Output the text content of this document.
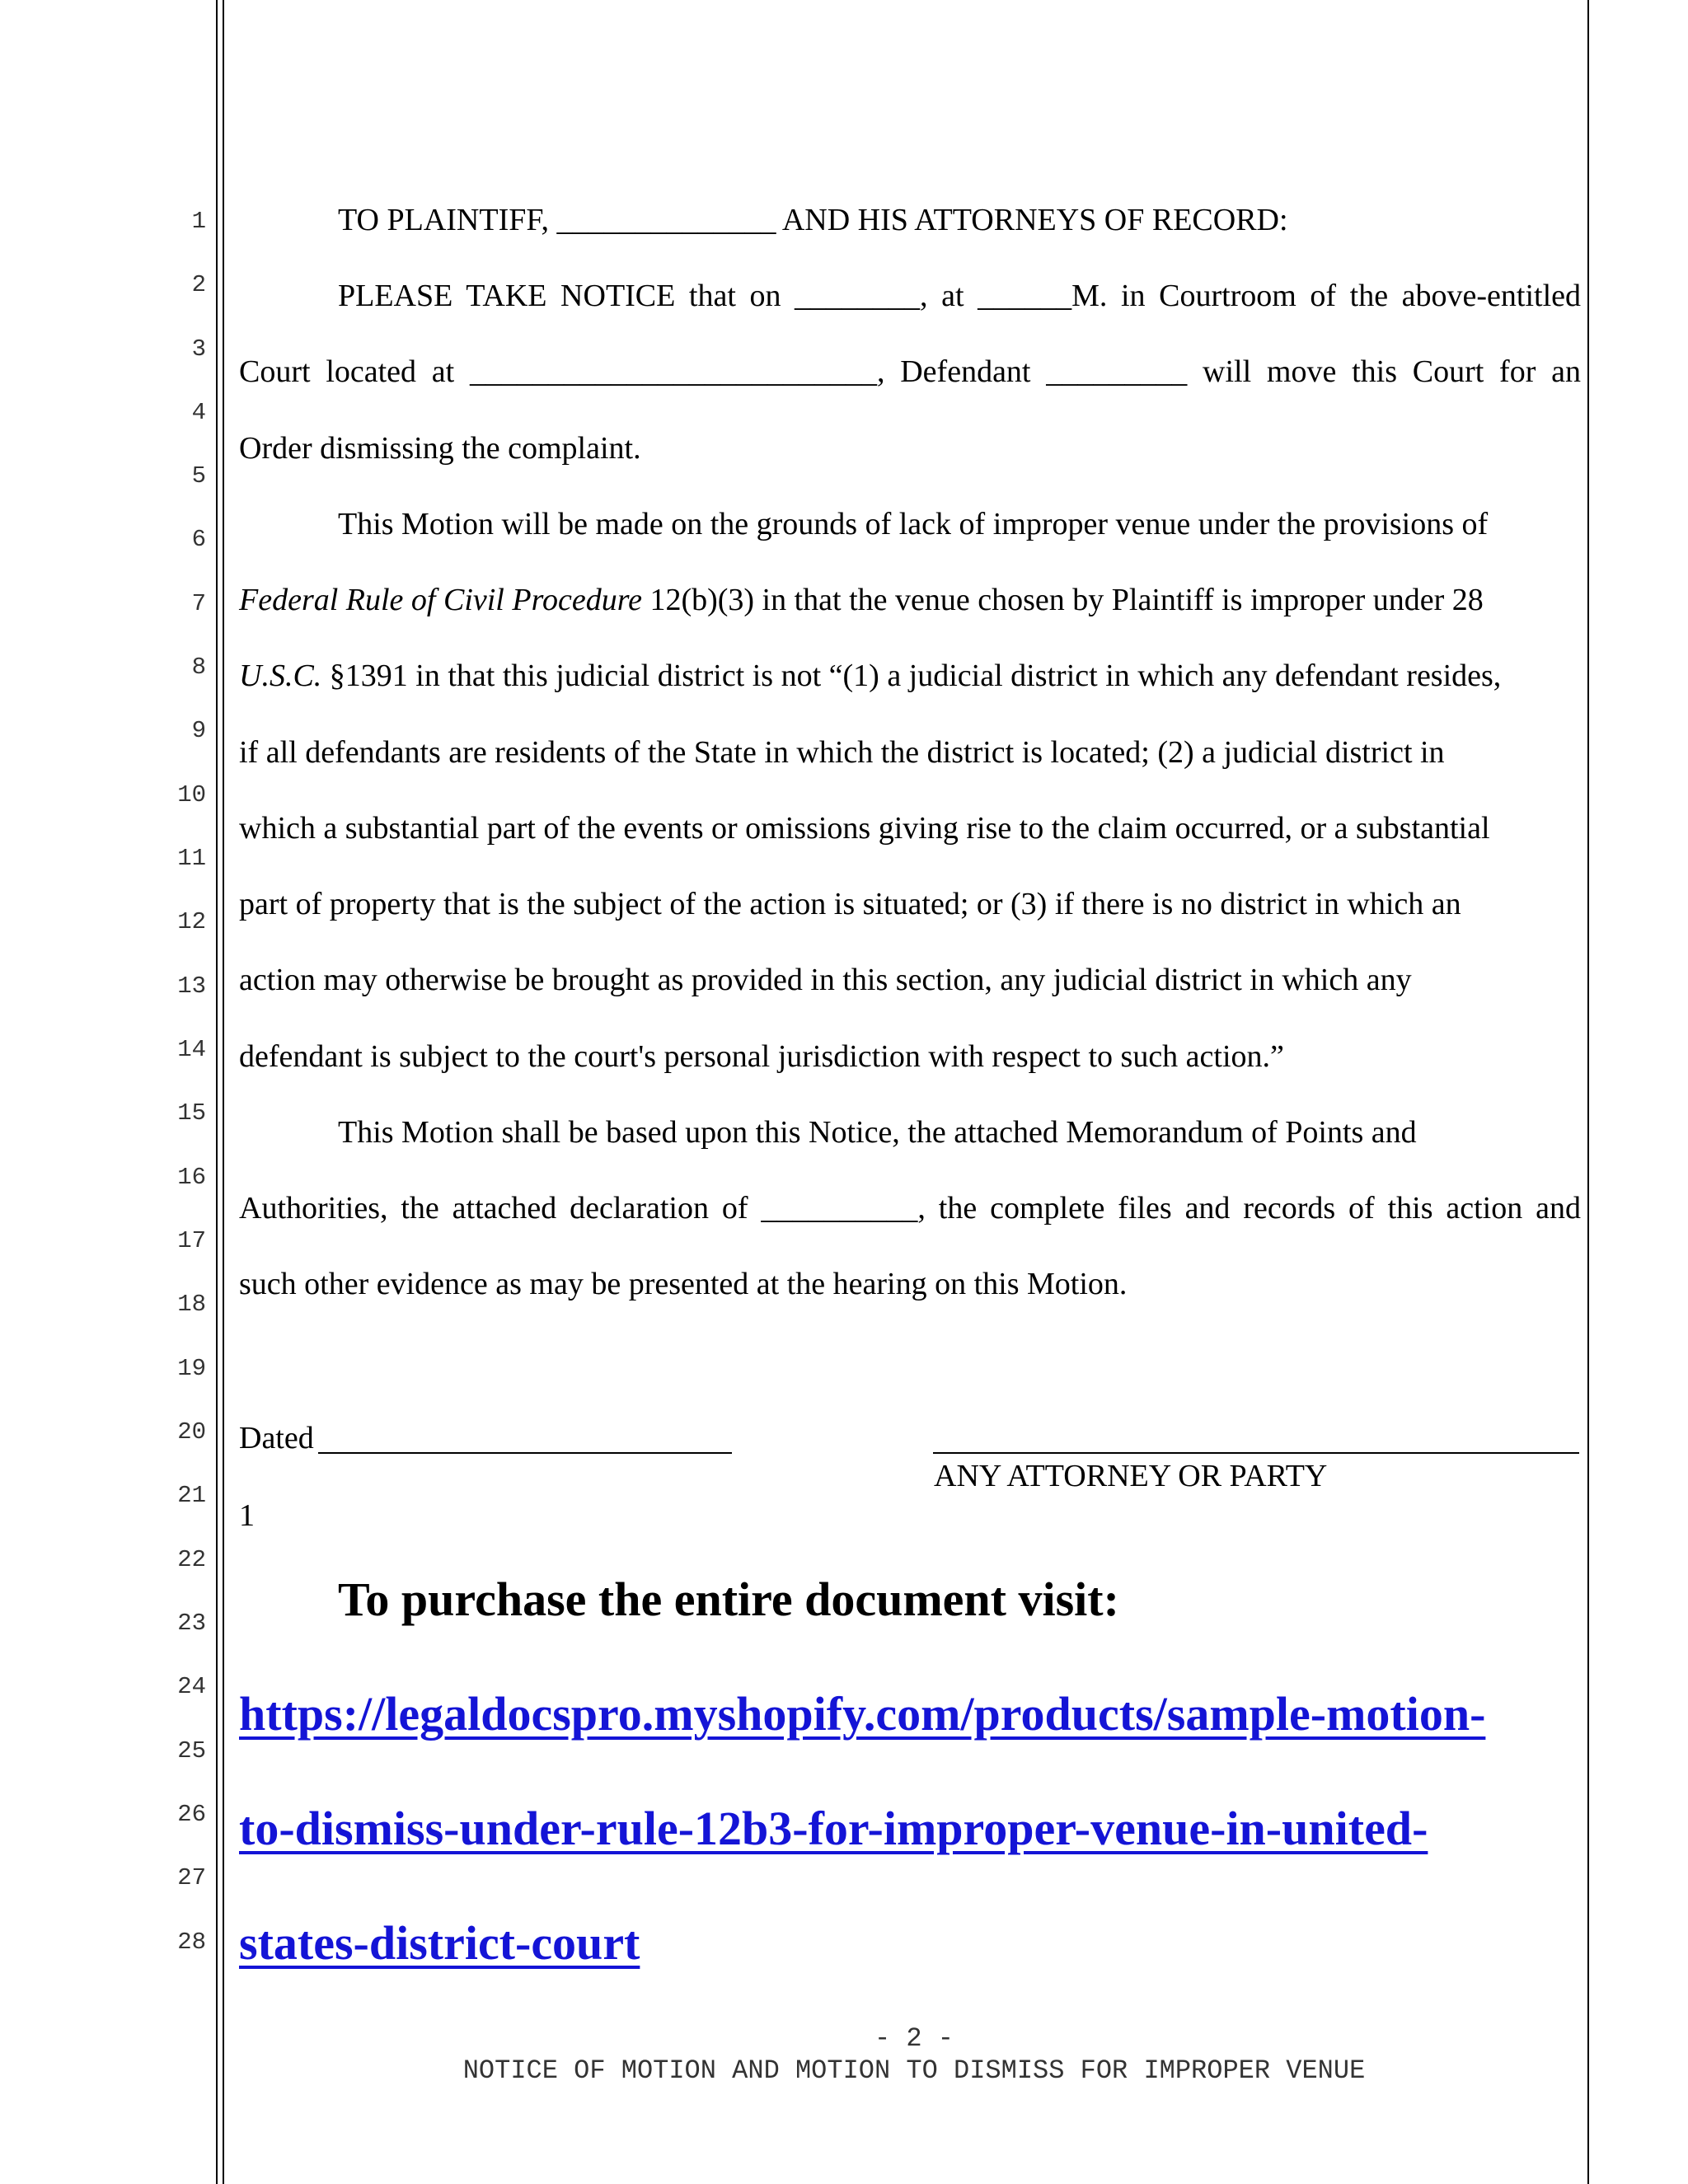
1
2
3
4
5
6
7
8
9
10
11
12
13
14
15
16
17
18
19
20
21
22
23
24
25
26
27
28
TO PLAINTIFF, ______________ AND HIS ATTORNEYS OF RECORD:
PLEASE TAKE NOTICE that on ________, at ______M. in Courtroom of the above-entitled
Court located at __________________________, Defendant _________ will move this Court for an
Order dismissing the complaint.
This Motion will be made on the grounds of lack of improper venue under the provisions of
Federal Rule of Civil Procedure 12(b)(3) in that the venue chosen by Plaintiff is improper under 28
U.S.C. §1391 in that this judicial district is not “(1) a judicial district in which any defendant resides,
if all defendants are residents of the State in which the district is located; (2) a judicial district in
which a substantial part of the events or omissions giving rise to the claim occurred, or a substantial
part of property that is the subject of the action is situated; or (3) if there is no district in which an
action may otherwise be brought as provided in this section, any judicial district in which any
defendant is subject to the court's personal jurisdiction with respect to such action.”
This Motion shall be based upon this Notice, the attached Memorandum of Points and
Authorities, the attached declaration of __________, the complete files and records of this action and
such other evidence as may be presented at the hearing on this Motion.
Dated
ANY ATTORNEY OR PARTY
1
To purchase the entire document visit:
https://legaldocspro.myshopify.com/products/sample-motion-
to-dismiss-under-rule-12b3-for-improper-venue-in-united-
states-district-court
- 2 -
NOTICE OF MOTION AND MOTION TO DISMISS FOR IMPROPER VENUE
